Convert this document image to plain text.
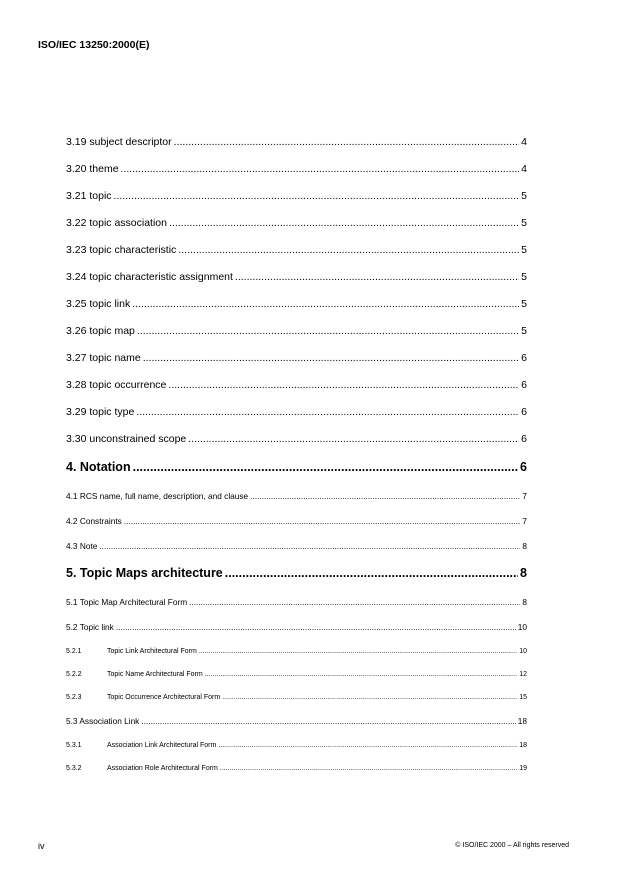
ISO/IEC 13250:2000(E)
3.19 subject descriptor .....	4
3.20 theme .....	4
3.21 topic .....	5
3.22 topic association .....	5
3.23 topic characteristic .....	5
3.24 topic characteristic assignment .....	5
3.25 topic link .....	5
3.26 topic map .....	5
3.27 topic name .....	6
3.28 topic occurrence .....	6
3.29 topic type .....	6
3.30 unconstrained scope .....	6
4. Notation .....	6
4.1 RCS name, full name, description, and clause .....	7
4.2 Constraints .....	7
4.3 Note .....	8
5. Topic Maps architecture .....	8
5.1 Topic Map Architectural Form .....	8
5.2 Topic link .....	10
5.2.1	Topic Link Architectural Form .....	10
5.2.2	Topic Name Architectural Form .....	12
5.2.3	Topic Occurrence Architectural Form .....	15
5.3 Association Link .....	18
5.3.1	Association Link Architectural Form .....	18
5.3.2	Association Role Architectural Form .....	19
iv	© ISO/IEC 2000 – All rights reserved
